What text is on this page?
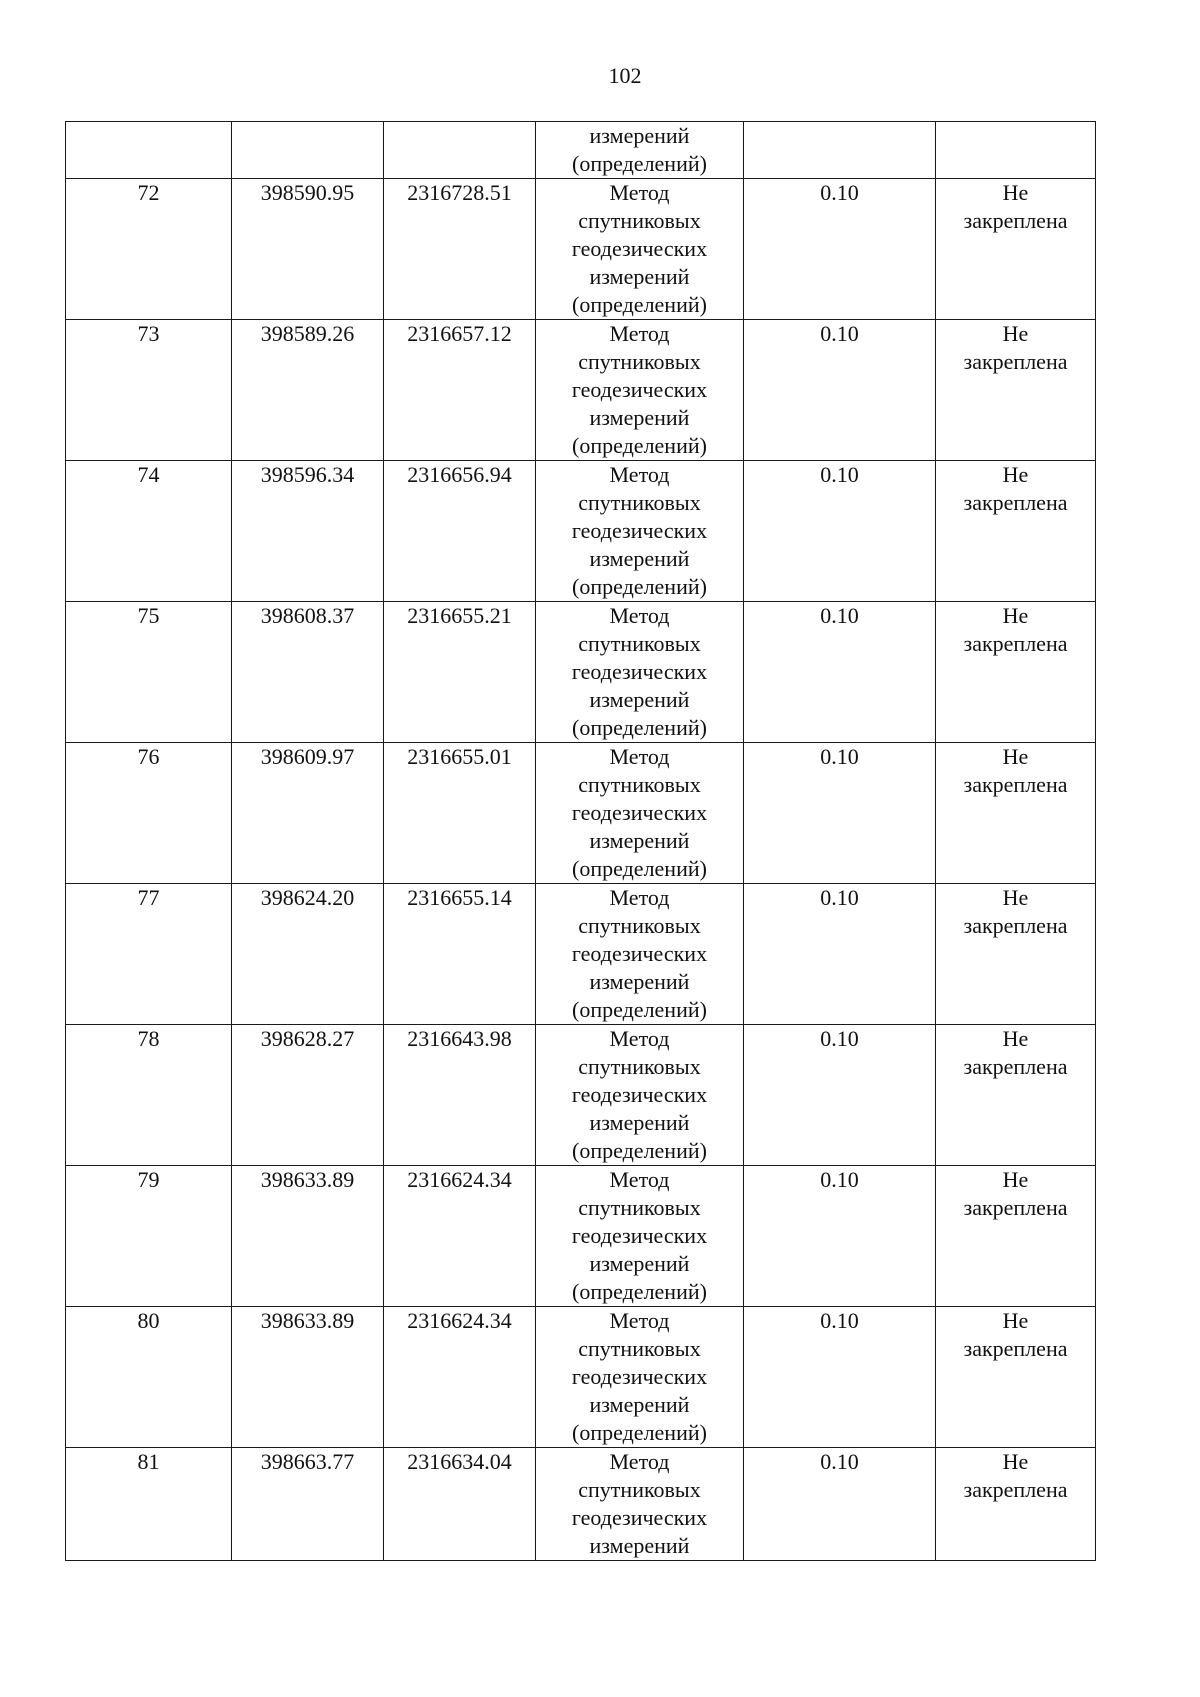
102

			измерений
(определений)		

72	398590.95	2316728.51	Метод
спутниковых
геодезических
измерений
(определений)	0.10	Не
закреплена

73	398589.26	2316657.12	Метод
спутниковых
геодезических
измерений
(определений)	0.10	Не
закреплена

74	398596.34	2316656.94	Метод
спутниковых
геодезических
измерений
(определений)	0.10	Не
закреплена

75	398608.37	2316655.21	Метод
спутниковых
геодезических
измерений
(определений)	0.10	Не
закреплена

76	398609.97	2316655.01	Метод
спутниковых
геодезических
измерений
(определений)	0.10	Не
закреплена

77	398624.20	2316655.14	Метод
спутниковых
геодезических
измерений
(определений)	0.10	Не
закреплена

78	398628.27	2316643.98	Метод
спутниковых
геодезических
измерений
(определений)	0.10	Не
закреплена

79	398633.89	2316624.34	Метод
спутниковых
геодезических
измерений
(определений)	0.10	Не
закреплена

80	398633.89	2316624.34	Метод
спутниковых
геодезических
измерений
(определений)	0.10	Не
закреплена

81	398663.77	2316634.04	Метод
спутниковых
геодезических
измерений	0.10	Не
закреплена
